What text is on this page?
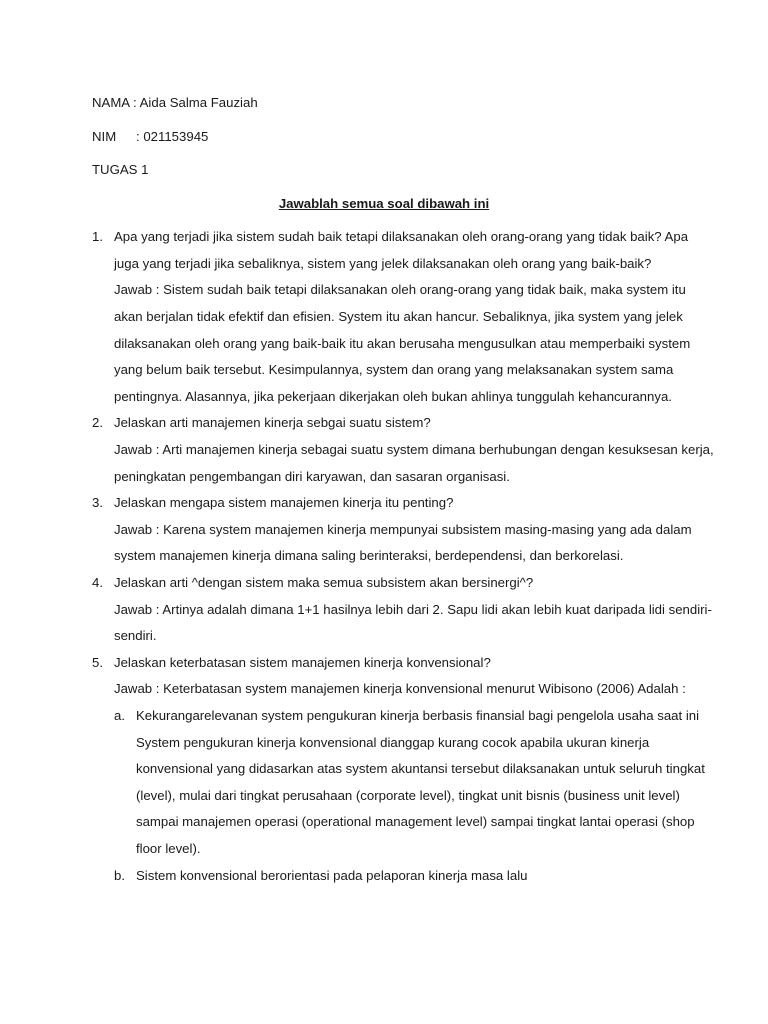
NAMA : Aida Salma Fauziah
NIM : 021153945
TUGAS 1
Jawablah semua soal dibawah ini
1. Apa yang terjadi jika sistem sudah baik tetapi dilaksanakan oleh orang-orang yang tidak baik? Apa
juga yang terjadi jika sebaliknya, sistem yang jelek dilaksanakan oleh orang yang baik-baik?
Jawab : Sistem sudah baik tetapi dilaksanakan oleh orang-orang yang tidak baik, maka system itu
akan berjalan tidak efektif dan efisien. System itu akan hancur. Sebaliknya, jika system yang jelek
dilaksanakan oleh orang yang baik-baik itu akan berusaha mengusulkan atau memperbaiki system
yang belum baik tersebut. Kesimpulannya, system dan orang yang melaksanakan system sama
pentingnya. Alasannya, jika pekerjaan dikerjakan oleh bukan ahlinya tunggulah kehancurannya.
2. Jelaskan arti manajemen kinerja sebgai suatu sistem?
Jawab : Arti manajemen kinerja sebagai suatu system dimana berhubungan dengan kesuksesan kerja,
peningkatan pengembangan diri karyawan, dan sasaran organisasi.
3. Jelaskan mengapa sistem manajemen kinerja itu penting?
Jawab : Karena system manajemen kinerja mempunyai subsistem masing-masing yang ada dalam
system manajemen kinerja dimana saling berinteraksi, berdependensi, dan berkorelasi.
4. Jelaskan arti ^dengan sistem maka semua subsistem akan bersinergi^?
Jawab : Artinya adalah dimana 1+1 hasilnya lebih dari 2. Sapu lidi akan lebih kuat daripada lidi sendiri-
sendiri.
5. Jelaskan keterbatasan sistem manajemen kinerja konvensional?
Jawab : Keterbatasan system manajemen kinerja konvensional menurut Wibisono (2006) Adalah :
a. Kekurangarelevanan system pengukuran kinerja berbasis finansial bagi pengelola usaha saat ini
System pengukuran kinerja konvensional dianggap kurang cocok apabila ukuran kinerja
konvensional yang didasarkan atas system akuntansi tersebut dilaksanakan untuk seluruh tingkat
(level), mulai dari tingkat perusahaan (corporate level), tingkat unit bisnis (business unit level)
sampai manajemen operasi (operational management level) sampai tingkat lantai operasi (shop
floor level).
b. Sistem konvensional berorientasi pada pelaporan kinerja masa lalu
